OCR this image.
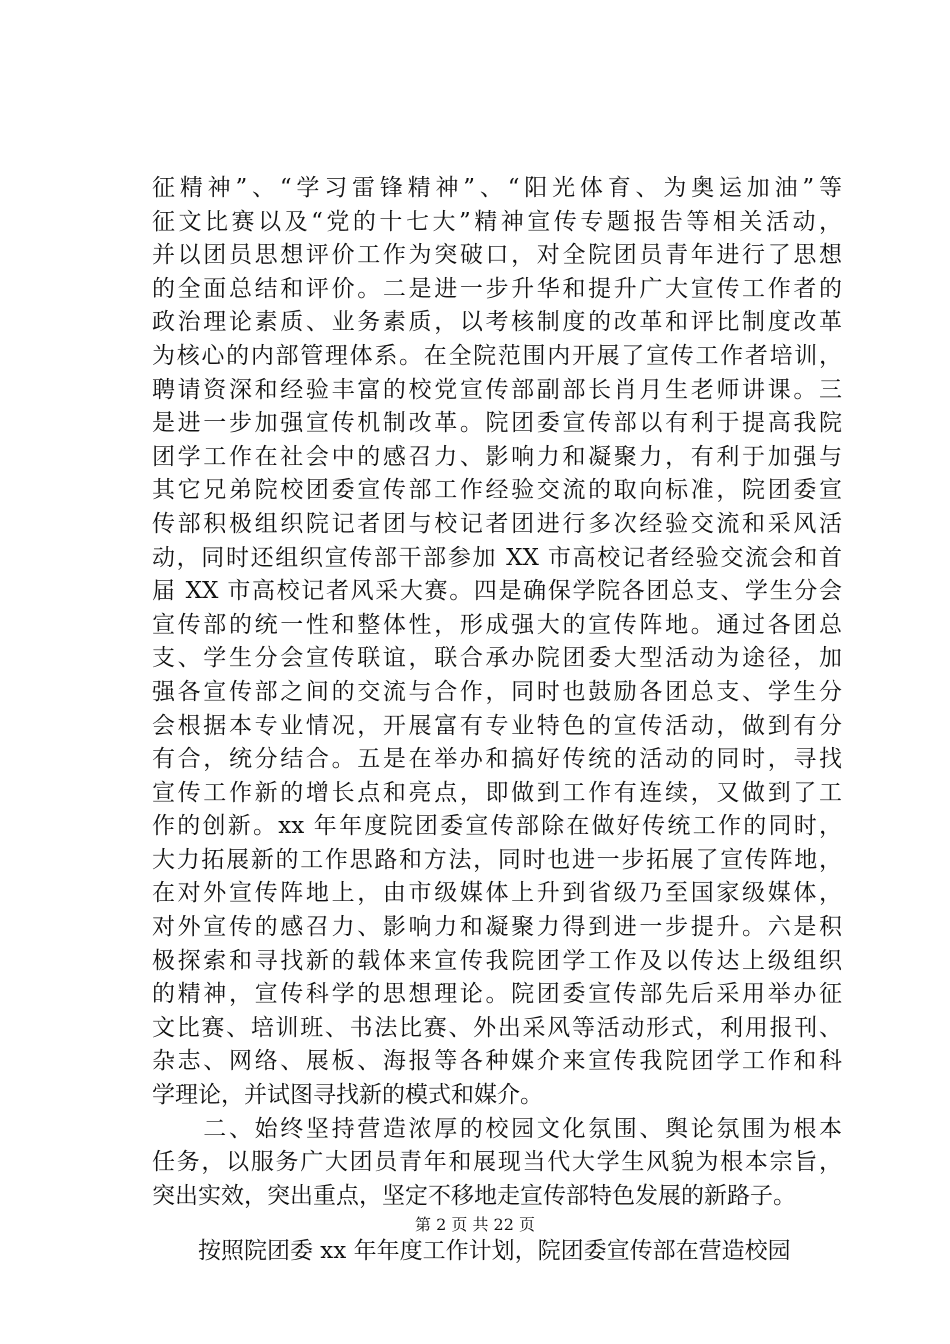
征精神”、“学习雷锋精神”、“阳光体育、为奥运加油”等
征文比赛以及“党的十七大”精神宣传专题报告等相关活动，
并以团员思想评价工作为突破口，对全院团员青年进行了思想
的全面总结和评价。二是进一步升华和提升广大宣传工作者的
政治理论素质、业务素质，以考核制度的改革和评比制度改革
为核心的内部管理体系。在全院范围内开展了宣传工作者培训，
聘请资深和经验丰富的校党宣传部副部长肖月生老师讲课。三
是进一步加强宣传机制改革。院团委宣传部以有利于提高我院
团学工作在社会中的感召力、影响力和凝聚力，有利于加强与
其它兄弟院校团委宣传部工作经验交流的取向标准，院团委宣
传部积极组织院记者团与校记者团进行多次经验交流和采风活
动，同时还组织宣传部干部参加 XX 市高校记者经验交流会和首
届 XX 市高校记者风采大赛。四是确保学院各团总支、学生分会
宣传部的统一性和整体性，形成强大的宣传阵地。通过各团总
支、学生分会宣传联谊，联合承办院团委大型活动为途径，加
强各宣传部之间的交流与合作，同时也鼓励各团总支、学生分
会根据本专业情况，开展富有专业特色的宣传活动，做到有分
有合，统分结合。五是在举办和搞好传统的活动的同时，寻找
宣传工作新的增长点和亮点，即做到工作有连续，又做到了工
作的创新。xx 年年度院团委宣传部除在做好传统工作的同时，
大力拓展新的工作思路和方法，同时也进一步拓展了宣传阵地，
在对外宣传阵地上，由市级媒体上升到省级乃至国家级媒体，
对外宣传的感召力、影响力和凝聚力得到进一步提升。六是积
极探索和寻找新的载体来宣传我院团学工作及以传达上级组织
的精神，宣传科学的思想理论。院团委宣传部先后采用举办征
文比赛、培训班、书法比赛、外出采风等活动形式，利用报刊、
杂志、网络、展板、海报等各种媒介来宣传我院团学工作和科
学理论，并试图寻找新的模式和媒介。
　　二、始终坚持营造浓厚的校园文化氛围、舆论氛围为根本
任务，以服务广大团员青年和展现当代大学生风貌为根本宗旨，
突出实效，突出重点，坚定不移地走宣传部特色发展的新路子。
　　按照院团委 xx 年年度工作计划，院团委宣传部在营造校园
第 2 页 共 22 页
